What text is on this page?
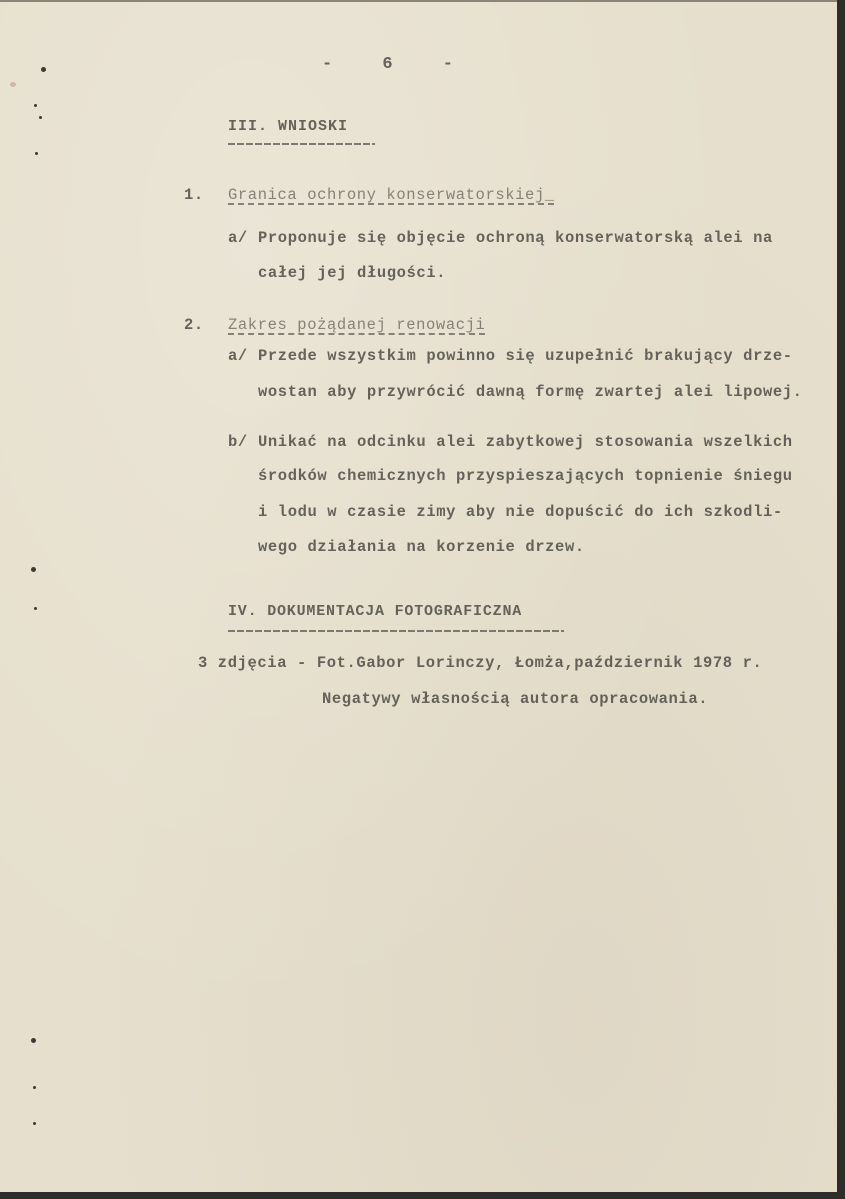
- 6 -
III. WNIOSKI
1. Granica ochrony konserwatorskiej_
a/ Proponuje się objęcie ochroną konserwatorską alei na
całej jej długości.
2. Zakres pożądanej renowacji
a/ Przede wszystkim powinno się uzupełnić brakujący drze-
wostan aby przywrócić dawną formę zwartej alei lipowej.
b/ Unikać na odcinku alei zabytkowej stosowania wszelkich
środków chemicznych przyspieszających topnienie śniegu
i lodu w czasie zimy aby nie dopuścić do ich szkodli-
wego działania na korzenie drzew.
IV. DOKUMENTACJA FOTOGRAFICZNA
3 zdjęcia - Fot.Gabor Lorinczy, Łomża,październik 1978 r.
Negatywy własnością autora opracowania.
